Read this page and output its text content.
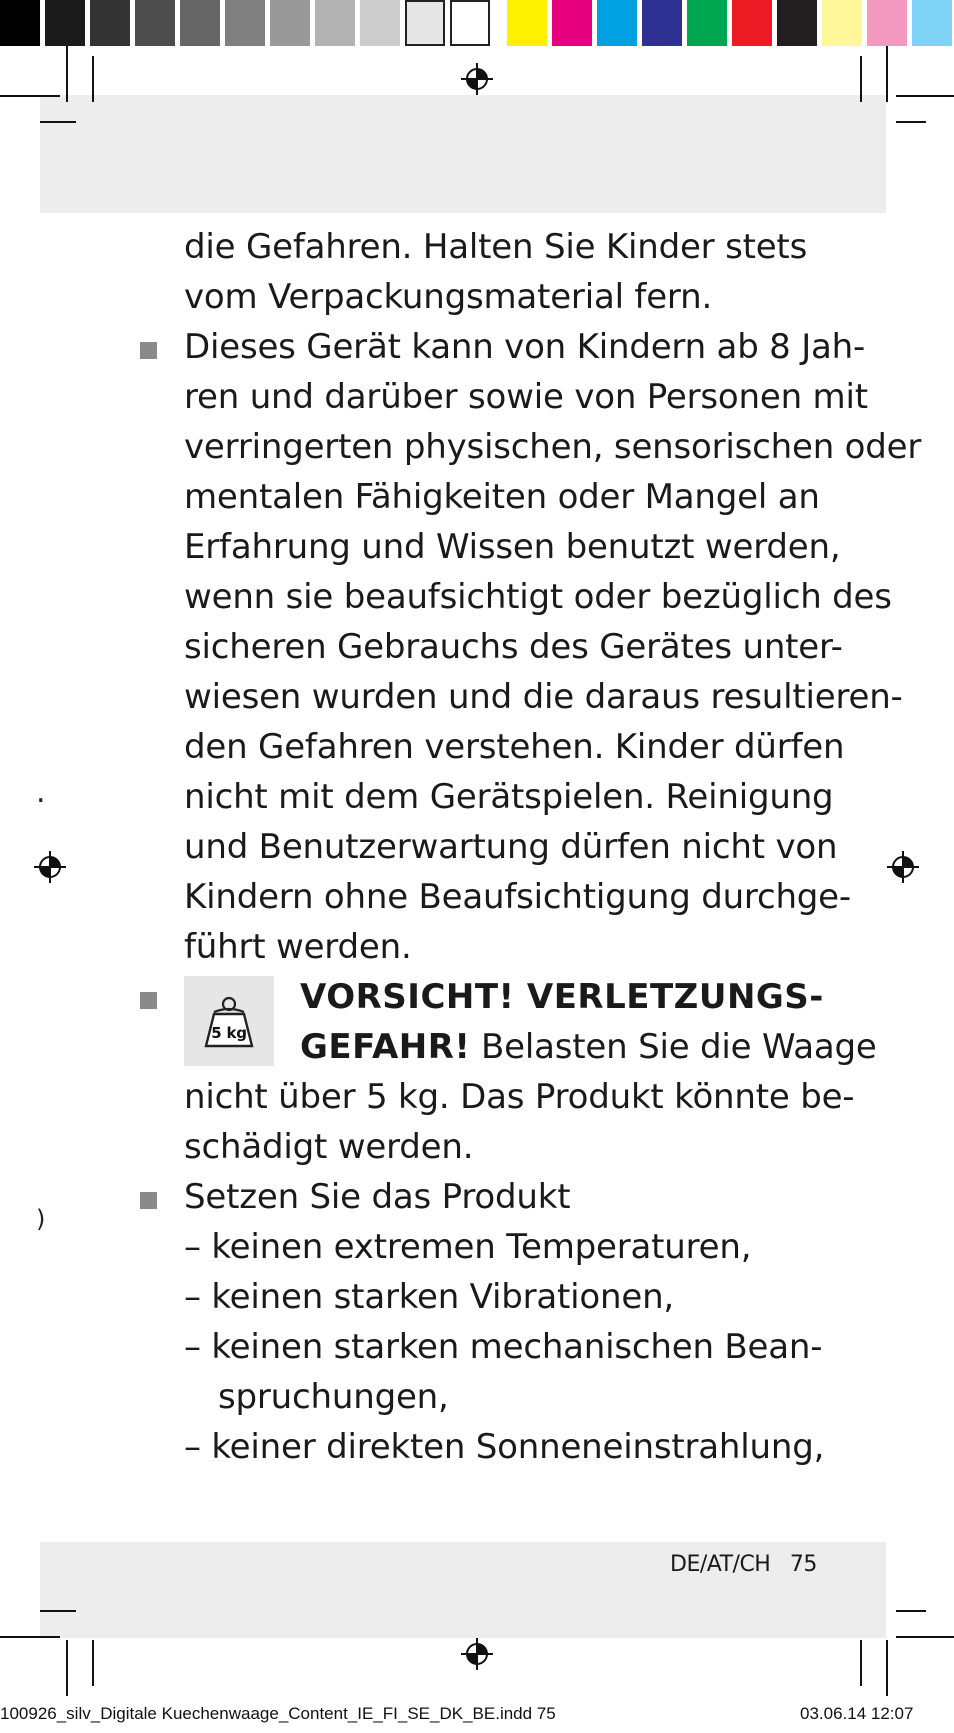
.
)
die Gefahren. Halten Sie Kinder stets
vom Verpackungsmaterial fern.
Dieses Gerät kann von Kindern ab 8 Jah-
ren und darüber sowie von Personen mit
verringerten physischen, sensorischen oder
mentalen Fähigkeiten oder Mangel an
Erfahrung und Wissen benutzt werden,
wenn sie beaufsichtigt oder bezüglich des
sicheren Gebrauchs des Gerätes unter-
wiesen wurden und die daraus resultieren-
den Gefahren verstehen. Kinder dürfen
nicht mit dem Gerätspielen. Reinigung
und Benutzerwartung dürfen nicht von
Kindern ohne Beaufsichtigung durchge-
führt werden.
5 kg
VORSICHT! VERLETZUNGS-
GEFAHR! Belasten Sie die Waage
nicht über 5 kg. Das Produkt könnte be-
schädigt werden.
Setzen Sie das Produkt
– keinen extremen Temperaturen,
– keinen starken Vibrationen,
– keinen starken mechanischen Bean-
spruchungen,
– keiner direkten Sonneneinstrahlung,
DE/AT/CH 75
100926_silv_Digitale Kuechenwaage_Content_IE_FI_SE_DK_BE.indd 75	03.06.14 12:07
